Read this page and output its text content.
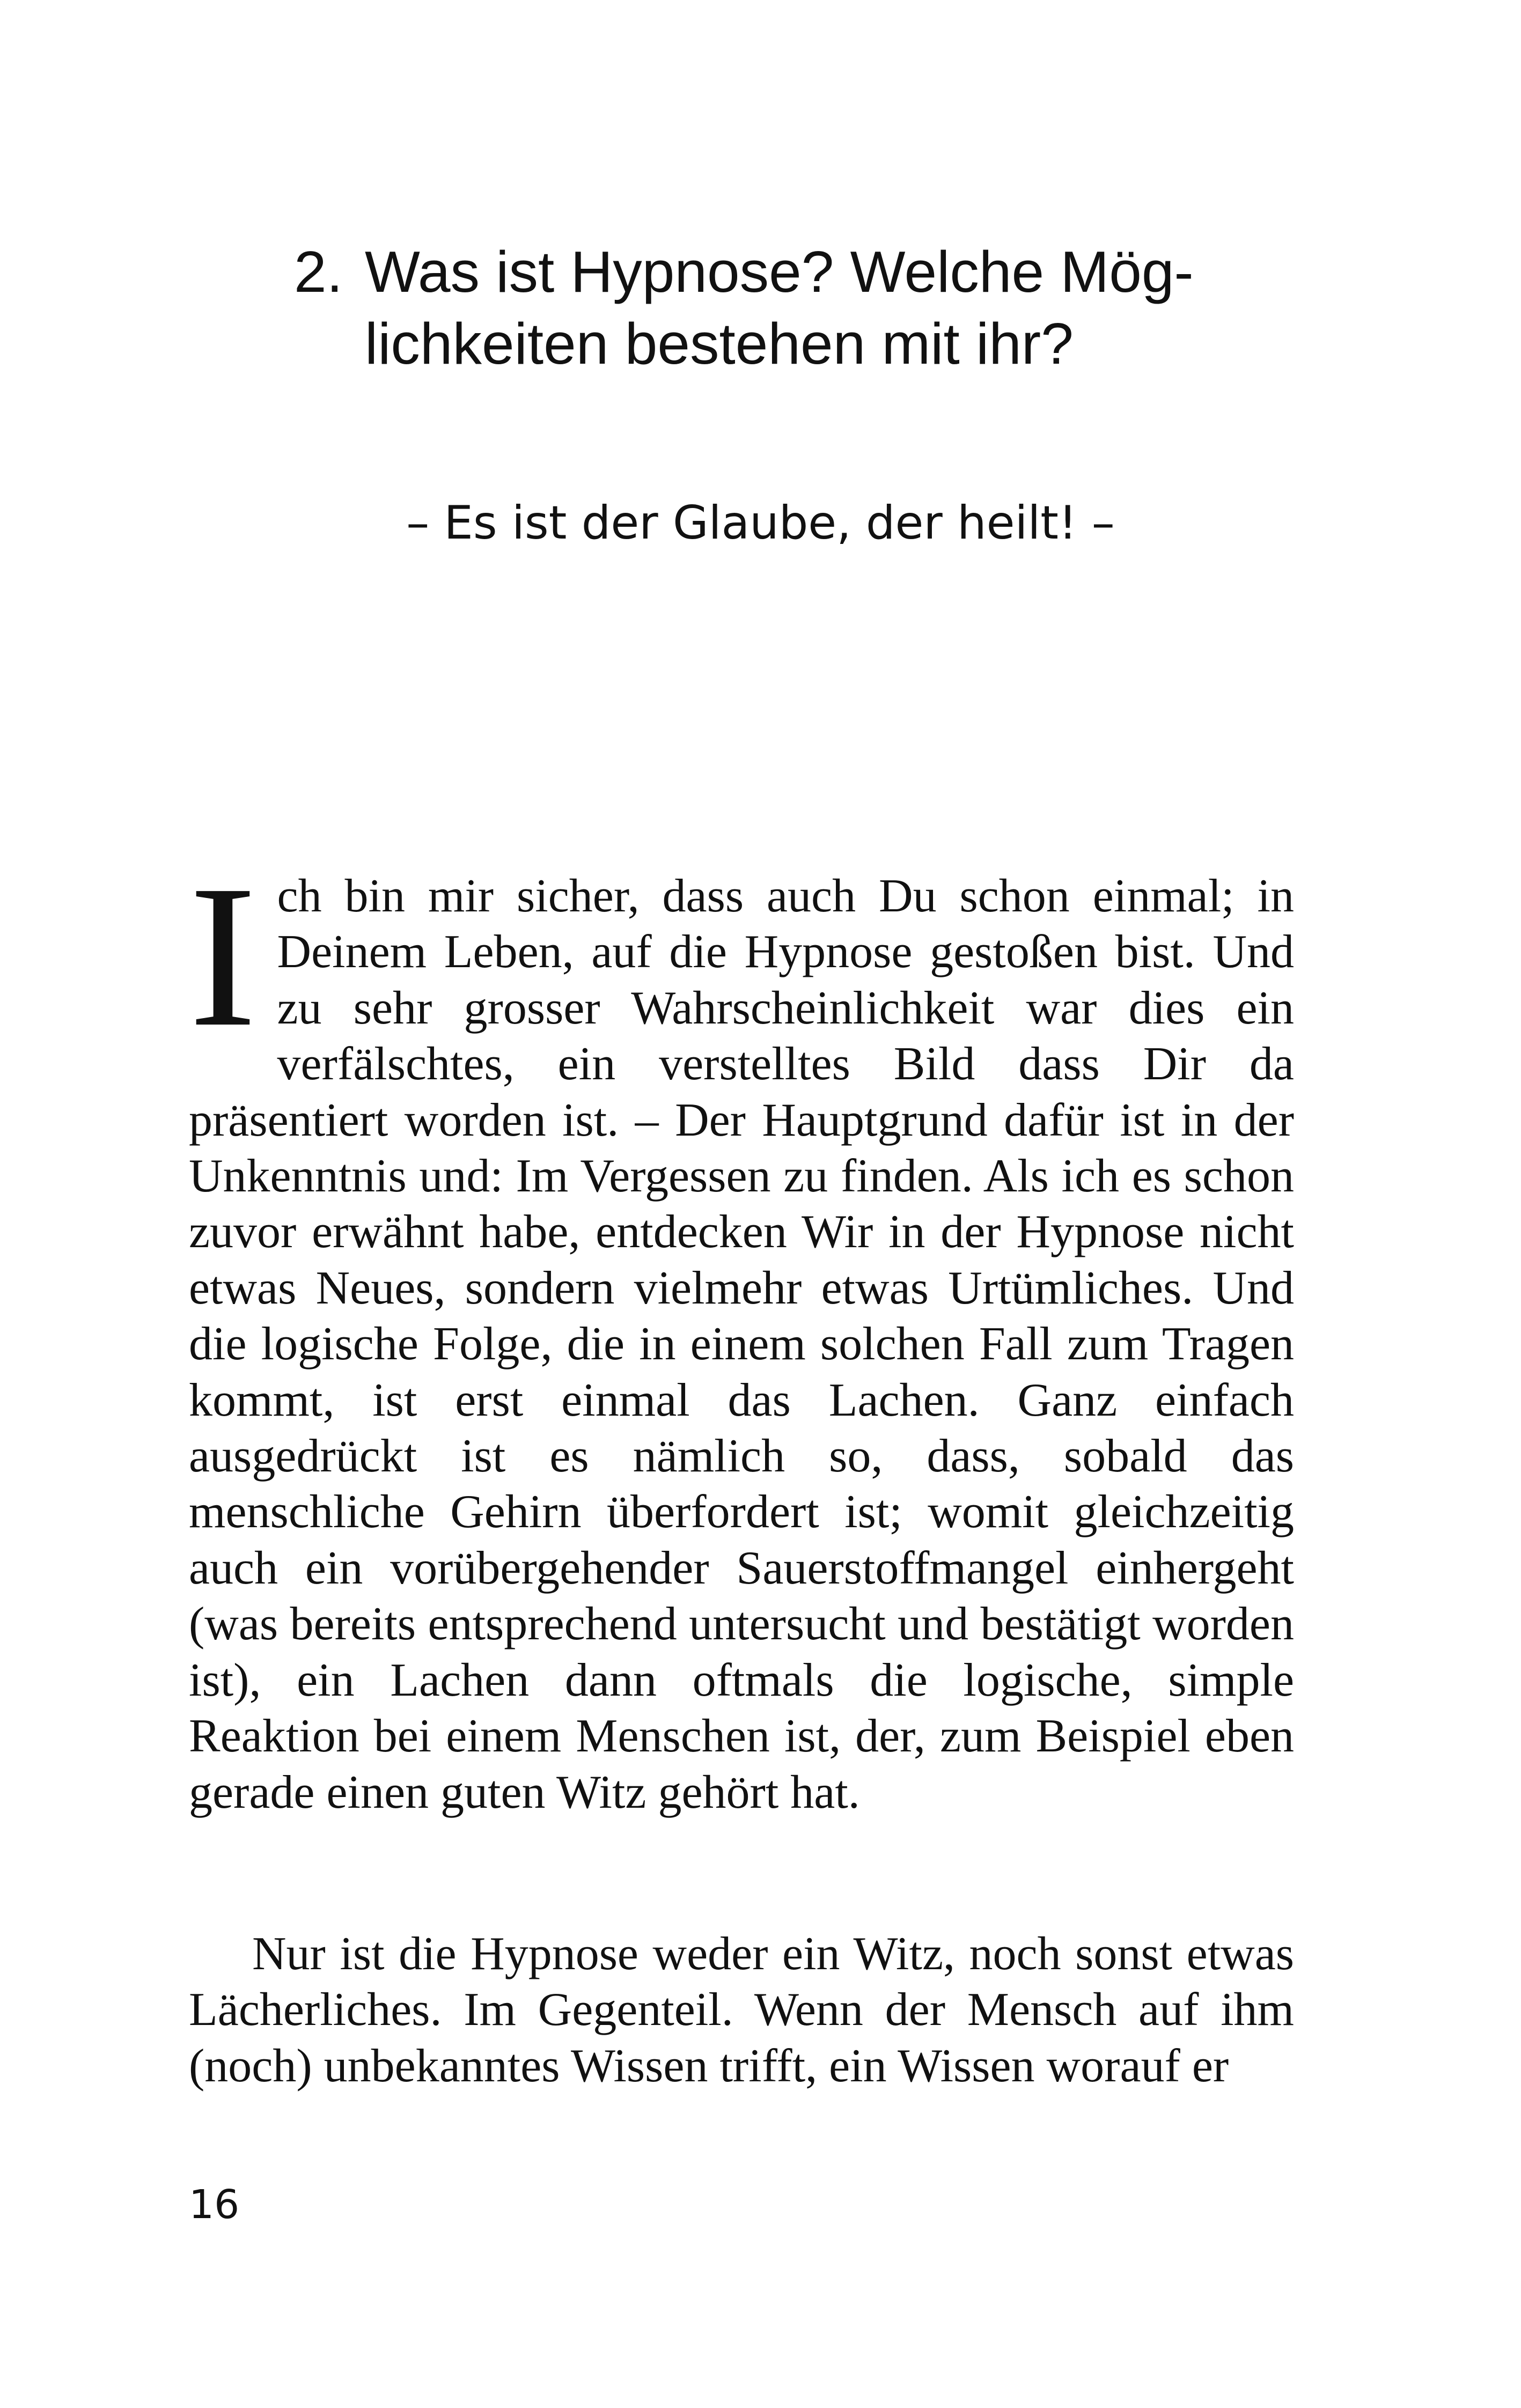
2. Was ist Hypnose? Welche Mög-
lichkeiten bestehen mit ihr?
– Es ist der Glaube, der heilt! –

Ich bin mir sicher, dass auch Du schon einmal; in Deinem Leben, auf die Hypnose gestoßen bist. Und zu sehr grosser Wahrscheinlichkeit war dies ein verfälschtes, ein verstelltes Bild dass Dir da präsentiert worden ist. – Der Hauptgrund dafür ist in der Unkenntnis und: Im Vergessen zu finden. Als ich es schon zuvor erwähnt habe, entdecken Wir in der Hypnose nicht etwas Neues, sondern vielmehr etwas Urtümliches. Und die logische Folge, die in einem solchen Fall zum Tragen kommt, ist erst einmal das Lachen. Ganz einfach ausgedrückt ist es nämlich so, dass, sobald das menschliche Gehirn überfordert ist; womit gleichzeitig auch ein vorübergehender Sauerstoffmangel einhergeht (was bereits entsprechend untersucht und bestätigt worden ist), ein Lachen dann oftmals die logische, simple Reaktion bei einem Menschen ist, der, zum Beispiel eben gerade einen guten Witz gehört hat.

Nur ist die Hypnose weder ein Witz, noch sonst etwas Lächerliches. Im Gegenteil. Wenn der Mensch auf ihm (noch) unbekanntes Wissen trifft, ein Wissen worauf er

16
